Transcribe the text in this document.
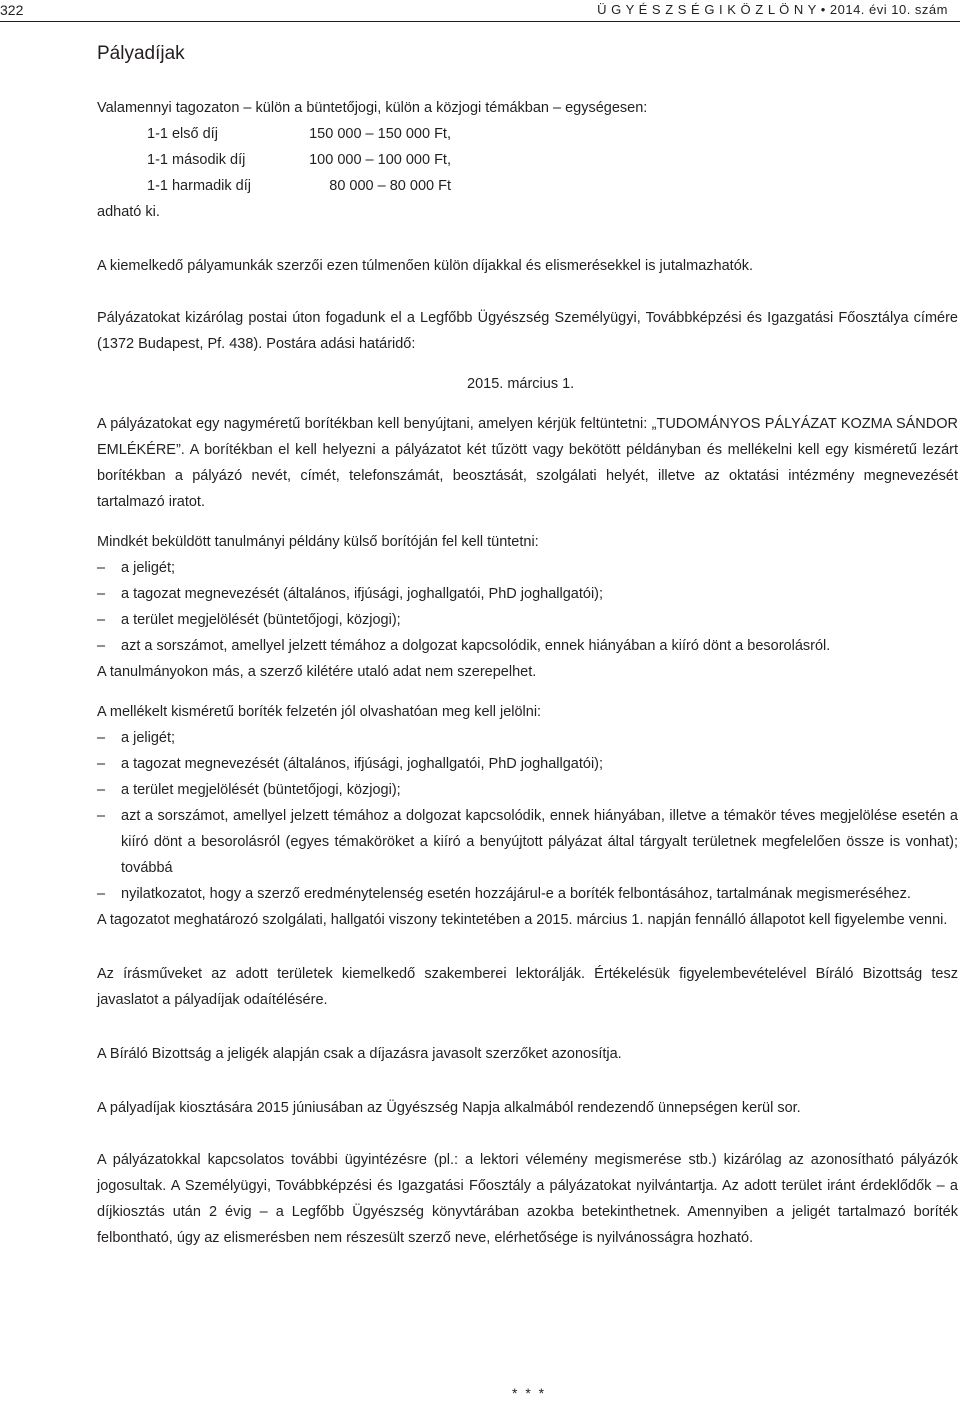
322	Ü G Y É S Z S É G I K Ö Z L Ö N Y • 2014. évi 10. szám
Pályadíjak

Valamennyi tagozaton – külön a büntetőjogi, külön a közjogi témákban – egységesen:

1-1 első díj	150 000 – 150 000 Ft,
1-1 második díj	100 000 – 100 000 Ft,
1-1 harmadik díj	80 000 – 80 000 Ft

adható ki.

A kiemelkedő pályamunkák szerzői ezen túlmenően külön díjakkal és elismerésekkel is jutalmazhatók.

Pályázatokat kizárólag postai úton fogadunk el a Legfőbb Ügyészség Személyügyi, Továbbképzési és Igazgatási Főosztálya címére (1372 Budapest, Pf. 438). Postára adási határidő:

2015. március 1.

A pályázatokat egy nagyméretű borítékban kell benyújtani, amelyen kérjük feltüntetni: „TUDOMÁNYOS PÁLYÁZAT KOZMA SÁNDOR EMLÉKÉRE”. A borítékban el kell helyezni a pályázatot két tűzött vagy bekötött példányban és mellékelni kell egy kisméretű lezárt borítékban a pályázó nevét, címét, telefonszámát, beosztását, szolgálati helyét, illetve az oktatási intézmény megnevezését tartalmazó iratot.

Mindkét beküldött tanulmányi példány külső borítóján fel kell tüntetni:

– a jeligét;
– a tagozat megnevezését (általános, ifjúsági, joghallgatói, PhD joghallgatói);
– a terület megjelölését (büntetőjogi, közjogi);
– azt a sorszámot, amellyel jelzett témához a dolgozat kapcsolódik, ennek hiányában a kiíró dönt a besorolásról.

A tanulmányokon más, a szerző kilétére utaló adat nem szerepelhet.

A mellékelt kisméretű boríték felzetén jól olvashatóan meg kell jelölni:

– a jeligét;
– a tagozat megnevezését (általános, ifjúsági, joghallgatói, PhD joghallgatói);
– a terület megjelölését (büntetőjogi, közjogi);
– azt a sorszámot, amellyel jelzett témához a dolgozat kapcsolódik, ennek hiányában, illetve a témakör téves megjelölése esetén a kiíró dönt a besorolásról (egyes témaköröket a kiíró a benyújtott pályázat által tárgyalt területnek megfelelően össze is vonhat); továbbá
– nyilatkozatot, hogy a szerző eredménytelenség esetén hozzájárul-e a boríték felbontásához, tartalmának megismeréséhez.

A tagozatot meghatározó szolgálati, hallgatói viszony tekintetében a 2015. március 1. napján fennálló állapotot kell figyelembe venni.

Az írásműveket az adott területek kiemelkedő szakemberei lektorálják. Értékelésük figyelembevételével Bíráló Bizottság tesz javaslatot a pályadíjak odaítélésére.

A Bíráló Bizottság a jeligék alapján csak a díjazásra javasolt szerzőket azonosítja.

A pályadíjak kiosztására 2015 júniusában az Ügyészség Napja alkalmából rendezendő ünnepségen kerül sor.

A pályázatokkal kapcsolatos további ügyintézésre (pl.: a lektori vélemény megismerése stb.) kizárólag az azonosítható pályázók jogosultak. A Személyügyi, Továbbképzési és Igazgatási Főosztály a pályázatokat nyilvántartja. Az adott terület iránt érdeklődők – a díjkiosztás után 2 évig – a Legfőbb Ügyészség könyvtárában azokba betekinthetnek. Amennyiben a jeligét tartalmazó boríték felbontható, úgy az elismerésben nem részesült szerző neve, elérhetősége is nyilvánosságra hozható.

* * *
